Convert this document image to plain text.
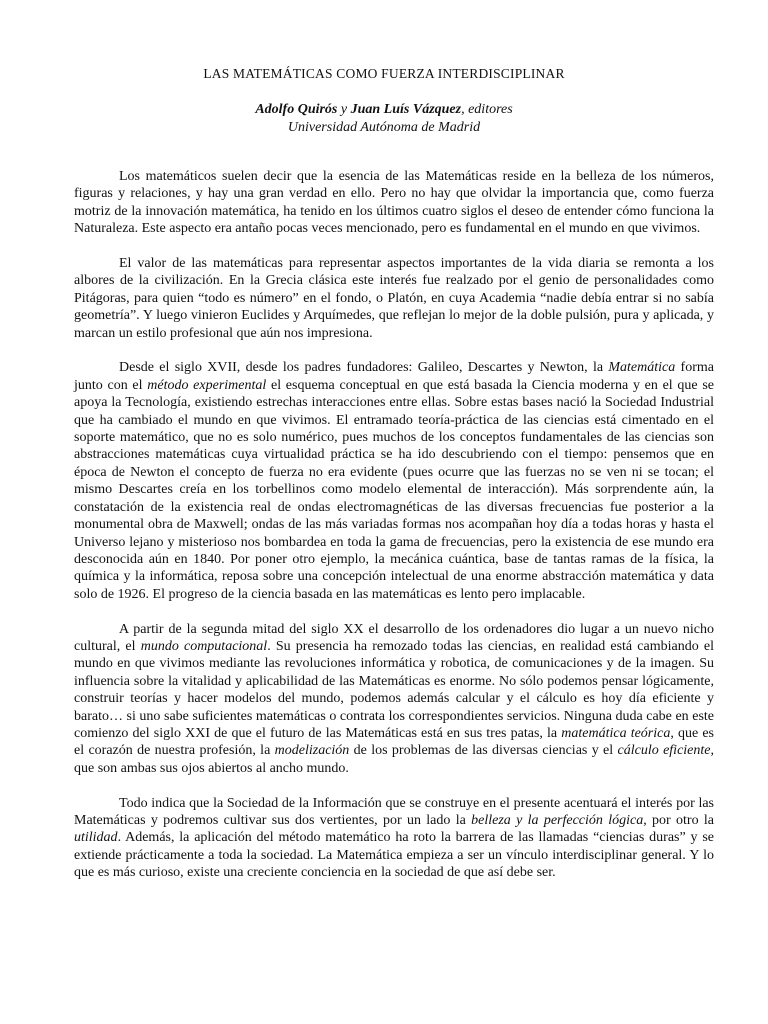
LAS MATEMÁTICAS COMO FUERZA INTERDISCIPLINAR
Adolfo Quirós y Juan Luís Vázquez, editores
Universidad Autónoma de Madrid

Los matemáticos suelen decir que la esencia de las Matemáticas reside en la belleza de los números, figuras y relaciones, y hay una gran verdad en ello. Pero no hay que olvidar la importancia que, como fuerza motriz de la innovación matemática, ha tenido en los últimos cuatro siglos el deseo de entender cómo funciona la Naturaleza. Este aspecto era antaño pocas veces mencionado, pero es fundamental en el mundo en que vivimos.

El valor de las matemáticas para representar aspectos importantes de la vida diaria se remonta a los albores de la civilización. En la Grecia clásica este interés fue realzado por el genio de personalidades como Pitágoras, para quien “todo es número” en el fondo, o Platón, en cuya Academia “nadie debía entrar si no sabía geometría”. Y luego vinieron Euclides y Arquímedes, que reflejan lo mejor de la doble pulsión, pura y aplicada, y marcan un estilo profesional que aún nos impresiona.

Desde el siglo XVII, desde los padres fundadores: Galileo, Descartes y Newton, la Matemática forma junto con el método experimental el esquema conceptual en que está basada la Ciencia moderna y en el que se apoya la Tecnología, existiendo estrechas interacciones entre ellas. Sobre estas bases nació la Sociedad Industrial que ha cambiado el mundo en que vivimos. El entramado teoría-práctica de las ciencias está cimentado en el soporte matemático, que no es solo numérico, pues muchos de los conceptos fundamentales de las ciencias son abstracciones matemáticas cuya virtualidad práctica se ha ido descubriendo con el tiempo: pensemos que en época de Newton el concepto de fuerza no era evidente (pues ocurre que las fuerzas no se ven ni se tocan; el mismo Descartes creía en los torbellinos como modelo elemental de interacción). Más sorprendente aún, la constatación de la existencia real de ondas electromagnéticas de las diversas frecuencias fue posterior a la monumental obra de Maxwell; ondas de las más variadas formas nos acompañan hoy día a todas horas y hasta el Universo lejano y misterioso nos bombardea en toda la gama de frecuencias, pero la existencia de ese mundo era desconocida aún en 1840. Por poner otro ejemplo, la mecánica cuántica, base de tantas ramas de la física, la química y la informática, reposa sobre una concepción intelectual de una enorme abstracción matemática y data solo de 1926. El progreso de la ciencia basada en las matemáticas es lento pero implacable.

A partir de la segunda mitad del siglo XX el desarrollo de los ordenadores dio lugar a un nuevo nicho cultural, el mundo computacional. Su presencia ha remozado todas las ciencias, en realidad está cambiando el mundo en que vivimos mediante las revoluciones informática y robotica, de comunicaciones y de la imagen. Su influencia sobre la vitalidad y aplicabilidad de las Matemáticas es enorme. No sólo podemos pensar lógicamente, construir teorías y hacer modelos del mundo, podemos además calcular y el cálculo es hoy día eficiente y barato… si uno sabe suficientes matemáticas o contrata los correspondientes servicios. Ninguna duda cabe en este comienzo del siglo XXI de que el futuro de las Matemáticas está en sus tres patas, la matemática teórica, que es el corazón de nuestra profesión, la modelización de los problemas de las diversas ciencias y el cálculo eficiente, que son ambas sus ojos abiertos al ancho mundo.

Todo indica que la Sociedad de la Información que se construye en el presente acentuará el interés por las Matemáticas y podremos cultivar sus dos vertientes, por un lado la belleza y la perfección lógica, por otro la utilidad. Además, la aplicación del método matemático ha roto la barrera de las llamadas “ciencias duras” y se extiende prácticamente a toda la sociedad. La Matemática empieza a ser un vínculo interdisciplinar general. Y lo que es más curioso, existe una creciente conciencia en la sociedad de que así debe ser.
